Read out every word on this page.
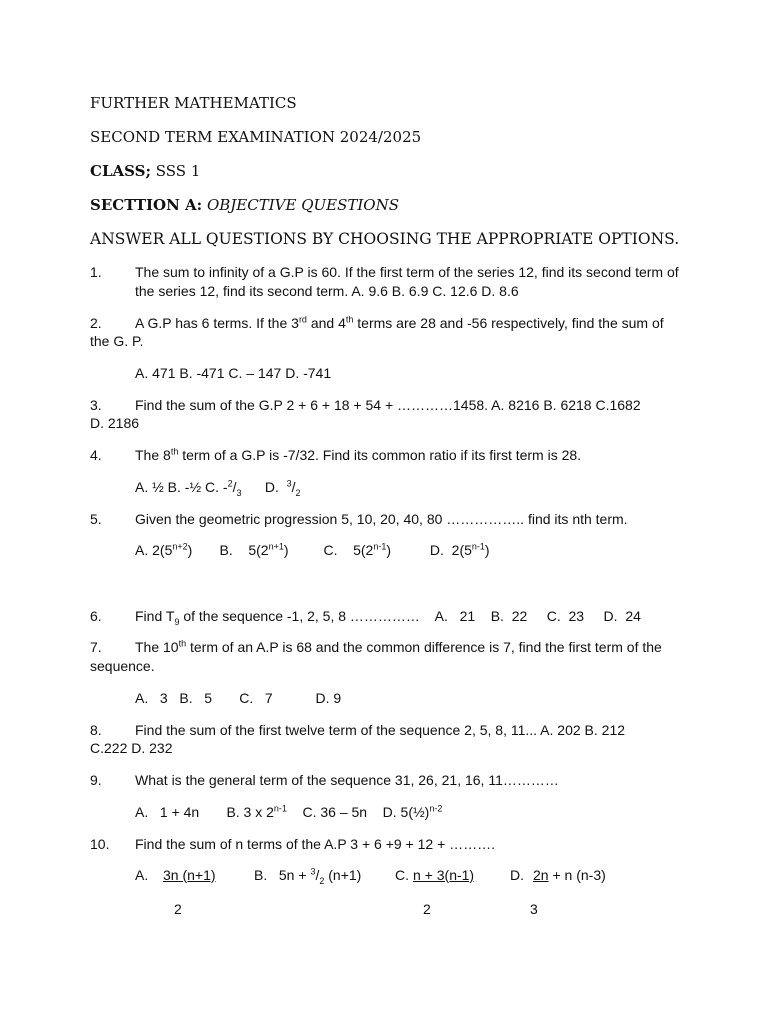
FURTHER MATHEMATICS
SECOND TERM EXAMINATION 2024/2025
CLASS; SSS 1
SECTTION A: OBJECTIVE QUESTIONS
ANSWER ALL QUESTIONS BY CHOOSING THE APPROPRIATE OPTIONS.
1. The sum to infinity of a G.P is 60. If the first term of the series 12, find its second term of
the series 12, find its second term. A. 9.6 B. 6.9 C. 12.6 D. 8.6
2. A G.P has 6 terms. If the 3rd and 4th terms are 28 and -56 respectively, find the sum of
the G. P.
A. 471 B. -471 C. – 147 D. -741
3. Find the sum of the G.P 2 + 6 + 18 + 54 + …………1458. A. 8216 B. 6218 C.1682
D. 2186
4. The 8th term of a G.P is -7/32. Find its common ratio if its first term is 28.
A. ½ B. -½ C. $-^2/_3$      D.  $^3/_2$
5. Given the geometric progression 5, 10, 20, 40, 80 …………….. find its nth term.
A. $2(5^{n+2})$       B.    $5(2^{n+1})$         C.    5(2$^{n-1}$)          D.  2(5$^{n-1}$)
6. Find $T_9$ of the sequence -1, 2, 5, 8 ……………    A.   21    B.  22     C.  23     D.  24
7. The 10th term of an A.P is 68 and the common difference is 7, find the first term of the
sequence.
A.   3   B.   5       C.   7           D. 9
8. Find the sum of the first twelve term of the sequence 2, 5, 8, 11... A. 202 B. 212
C.222 D. 232
9. What is the general term of the sequence 31, 26, 21, 16, 11…………
A.   1 + 4n       B. 3 x 2$^{n-1}$    C. 36 – 5n    D. 5(½)$^{n-2}$
10. Find the sum of n terms of the A.P 3 + 6 +9 + 12 + ……….
A. 3n (n+1)	B.   $5n + ^3/_2$ (n+1) C. n + 3(n-1)	D. 2n + n (n-3)
2	2	3
